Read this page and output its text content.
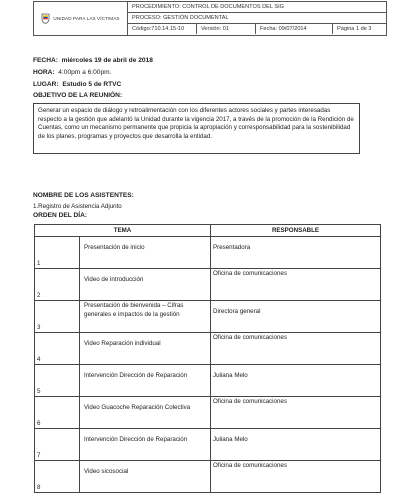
UNIDAD PARA LAS VÍCTIMAS
PROCEDIMIENTO: CONTROL DE DOCUMENTOS DEL SIG
PROCESO: GESTIÓN DOCUMENTAL
Código:710.14.15-10	Versión: 01	Fecha: 09/07/2014	Página 1 de 3
FECHA: miércoles 19 de abril de 2018
HORA: 4:00pm a 6:00pm.
LUGAR: Estudio 5 de RTVC
OBJETIVO DE LA REUNIÓN:
Generar un espacio de diálogo y retroalimentación con los diferentes actores sociales y partes interesadas respecto a la gestión que adelantó la Unidad durante la vigencia 2017, a través de la promoción de la Rendición de Cuentas, como un mecanismo permanente que propicia la apropiación y corresponsabilidad para la sostenibilidad de los planes, programas y proyectos que desarrolla la entidad.
NOMBRE DE LOS ASISTENTES:
1.Registro de Asistencia Adjunto
ORDEN DEL DÍA:
TEMA		RESPONSABLE

1	Presentación de inicio	Presentadora

2	Video de introducción	Oficina de comunicaciones

3	Presentación de bienvenida – Cifras generales e impactos de la gestión	Directora general

4	Video Reparación individual	Oficina de comunicaciones

5	Intervención Dirección de Reparación	Juliana Melo

6	Video Guacoche Reparación Colectiva	Oficina de comunicaciones

7	Intervención Dirección de Reparación	Juliana Melo

8	Video sicosocial	Oficina de comunicaciones
